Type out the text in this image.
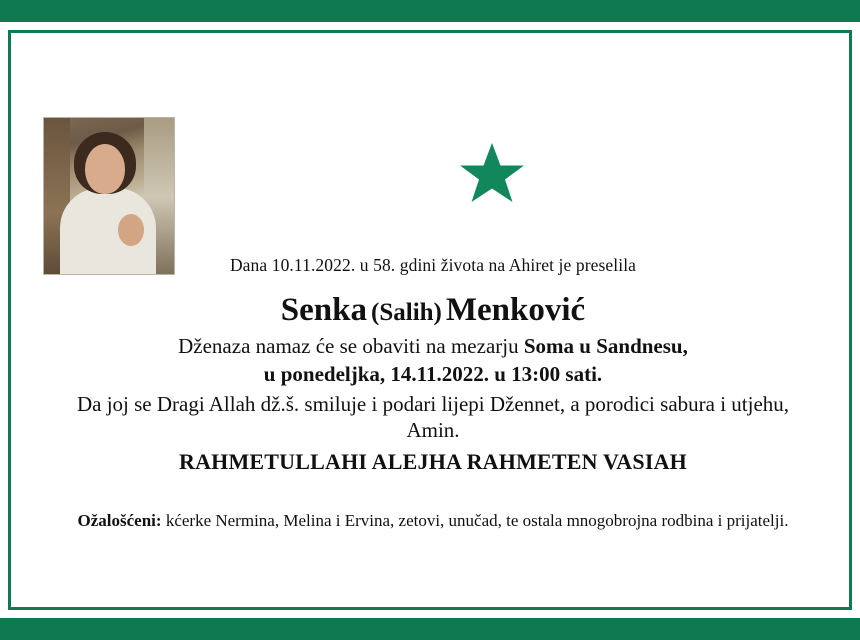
Dana 10.11.2022. u 58. gdini života na Ahiret je preselila

Senka (Salih) Menković

Dženaza namaz će se obaviti na mezarju Soma u Sandnesu,

u ponedeljka, 14.11.2022. u 13:00 sati.

Da joj se Dragi Allah dž.š. smiluje i podari lijepi Džennet, a porodici sabura i utjehu,

Amin.

RAHMETULLAHI ALEJHA RAHMETEN VASIAH

Ožalošćeni: kćerke Nermina, Melina i Ervina, zetovi, unučad, te ostala mnogobrojna rodbina i prijatelji.
